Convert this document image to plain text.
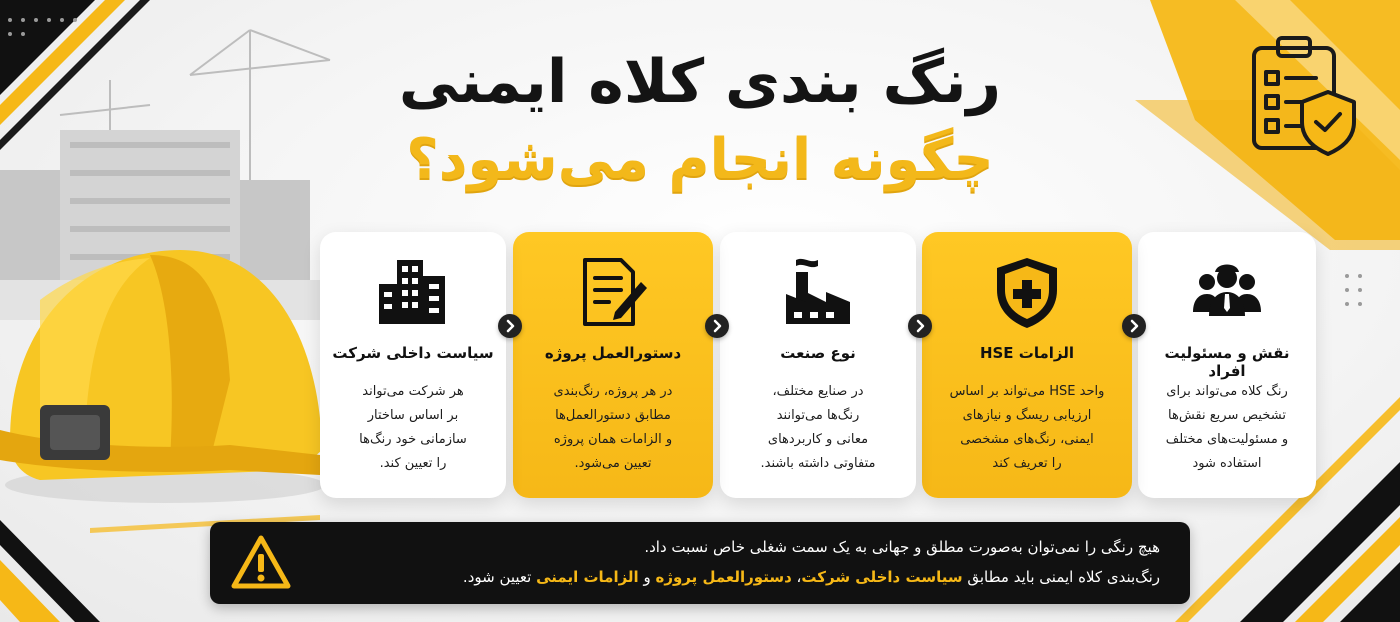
رنگ بندی کلاه ایمنی
چگونه انجام می‌شود؟
نقش و مسئولیت افراد
رنگ کلاه می‌تواند برای
تشخیص سریع نقش‌ها
و مسئولیت‌های مختلف
استفاده شود
الزامات HSE
واحد HSE می‌تواند بر اساس
ارزیابی ریسگ و نیازهای
ایمنی، رنگ‌های مشخصی
را تعریف کند
نوع صنعت
در صنایع مختلف،
رنگ‌ها می‌توانند
معانی و کاربردهای
متفاوتی داشته باشند.
دستورالعمل پروژه
در هر پروژه، رنگ‌بندی
مطابق دستورالعمل‌ها
و الزامات همان پروژه
تعیین می‌شود.
سیاست داخلی شرکت
هر شرکت می‌تواند
بر اساس ساختار
سازمانی خود رنگ‌ها
را تعیین کند.
هیچ رنگی را نمی‌توان به‌صورت مطلق و جهانی به یک سمت شغلی خاص نسبت داد.
رنگ‌بندی کلاه ایمنی باید مطابق سیاست داخلی شرکت، دستورالعمل پروژه و الزامات ایمنی تعیین شود.
